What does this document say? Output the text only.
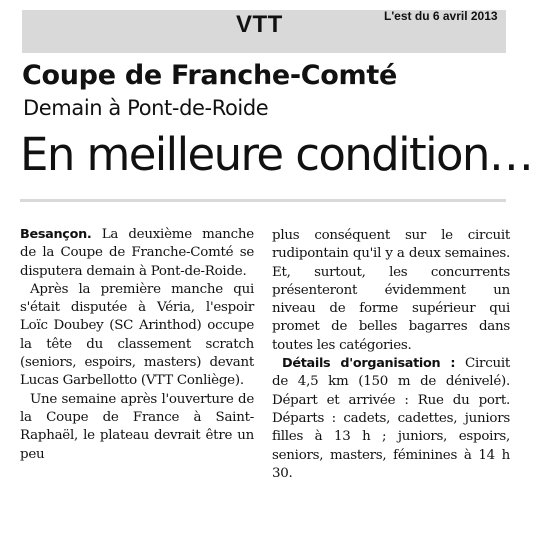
VTT	L'est du 6 avril 2013
Coupe de Franche-Comté
Demain à Pont-de-Roide
En meilleure condition…

Besançon. La deuxième manche de la Coupe de Franche-Comté se disputera demain à Pont-de-Roide.

Après la première manche qui s'était disputée à Véria, l'espoir Loïc Doubey (SC Arinthod) occupe la tête du classement scratch (seniors, espoirs, masters) devant Lucas Garbellotto (VTT Conliège).

Une semaine après l'ouverture de la Coupe de France à Saint-Raphaël, le plateau devrait être un peu

plus conséquent sur le circuit rudipontain qu'il y a deux semaines. Et, surtout, les concurrents présenteront évidemment un niveau de forme supérieur qui promet de belles bagarres dans toutes les catégories.

Détails d'organisation : Circuit de 4,5 km (150 m de dénivelé). Départ et arrivée : Rue du port. Départs : cadets, cadettes, juniors filles à 13 h ; juniors, espoirs, seniors, masters, féminines à 14 h 30.
